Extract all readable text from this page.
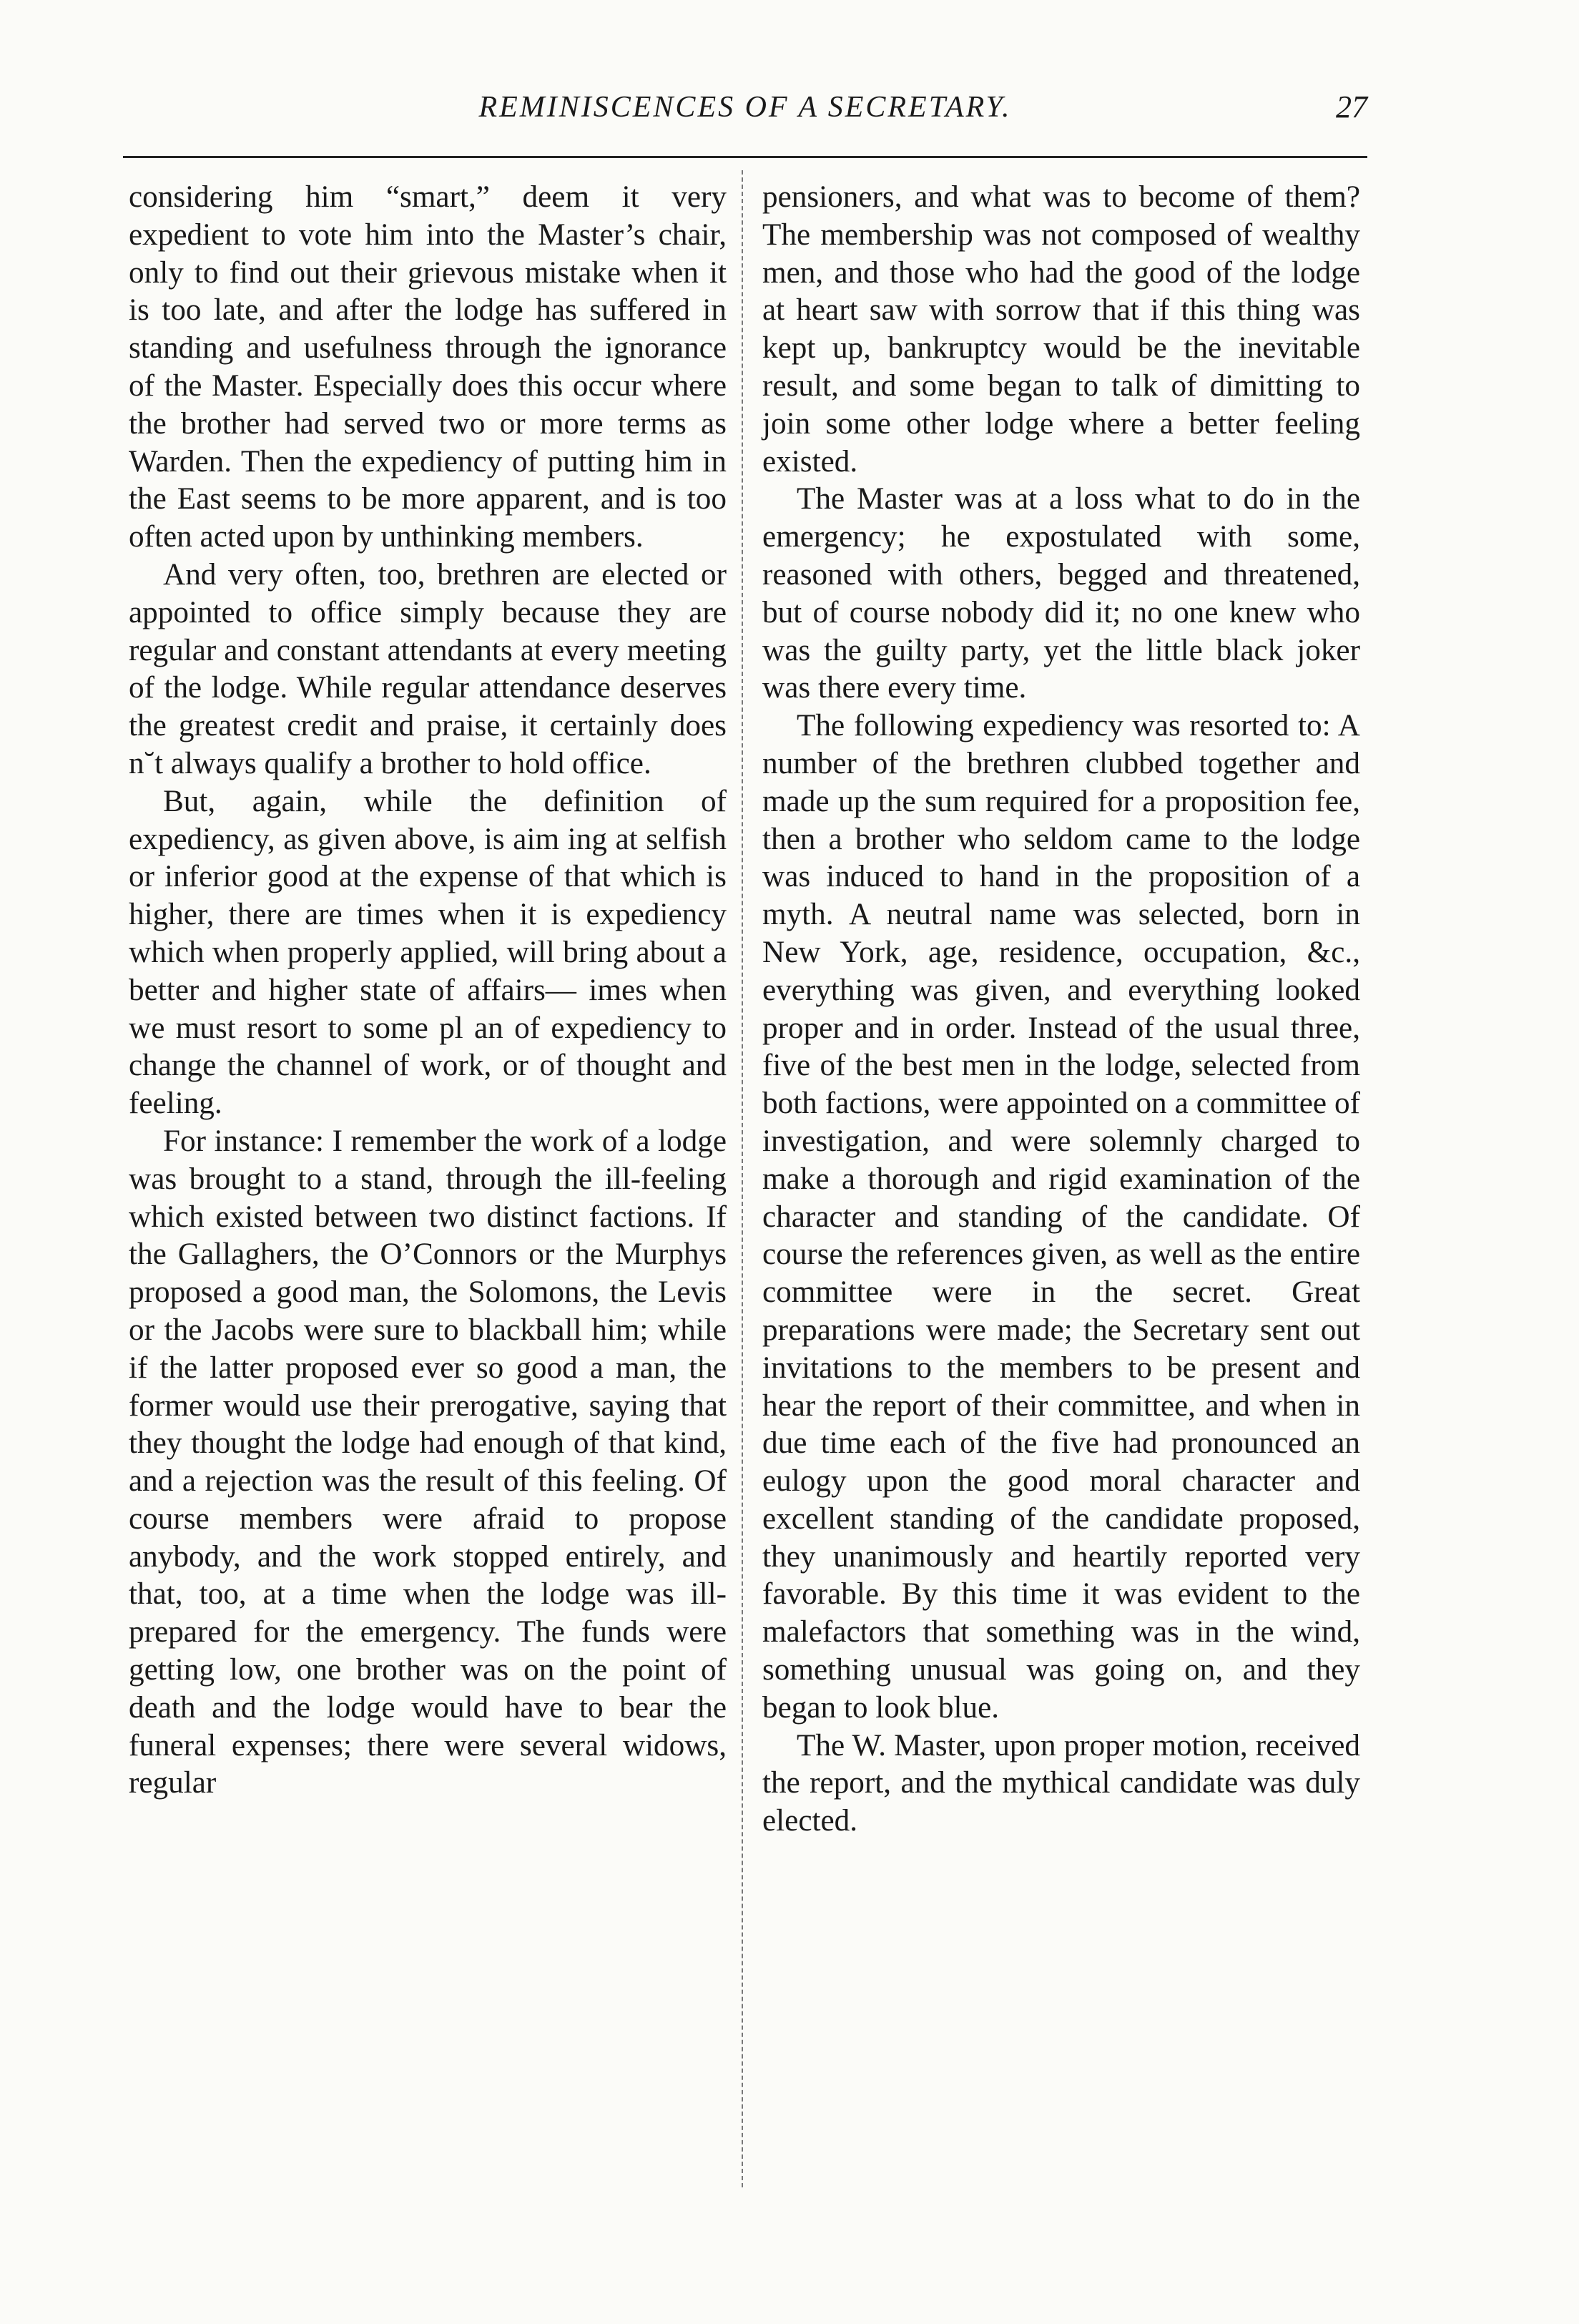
REMINISCENCES OF A SECRETARY.	27

considering him “smart,” deem it very expedient to vote him into the Master’s chair, only to find out their grievous mistake when it is too late, and after the lodge has suffered in standing and usefulness through the ignorance of the Master. Especially does this occur where the brother had served two or more terms as Warden. Then the expediency of putting him in the East seems to be more apparent, and is too often acted upon by unthinking members.

And very often, too, brethren are elected or appointed to office simply because they are regular and constant attendants at every meeting of the lodge. While regular attendance deserves the greatest credit and praise, it certainly does n˘t always qualify a brother to hold office.

But, again, while the definition of expediency, as given above, is aim ing at selfish or inferior good at the expense of that which is higher, there are times when it is expediency which when properly applied, will bring about a better and higher state of affairs— imes when we must resort to some pl an of expediency to change the channel of work, or of thought and feeling.

For instance: I remember the work of a lodge was brought to a stand, through the ill-feeling which existed between two distinct factions. If the Gallaghers, the O’Connors or the Murphys proposed a good man, the Solomons, the Levis or the Jacobs were sure to blackball him; while if the latter proposed ever so good a man, the former would use their prerogative, saying that they thought the lodge had enough of that kind, and a rejection was the result of this feeling. Of course members were afraid to propose anybody, and the work stopped entirely, and that, too, at a time when the lodge was ill-prepared for the emergency. The funds were getting low, one brother was on the point of death and the lodge would have to bear the funeral expenses; there were several widows, regular

pensioners, and what was to become of them? The membership was not composed of wealthy men, and those who had the good of the lodge at heart saw with sorrow that if this thing was kept up, bankruptcy would be the inevitable result, and some began to talk of dimitting to join some other lodge where a better feeling existed.

The Master was at a loss what to do in the emergency; he expostulated with some, reasoned with others, begged and threatened, but of course nobody did it; no one knew who was the guilty party, yet the little black joker was there every time.

The following expediency was resorted to: A number of the brethren clubbed together and made up the sum required for a proposition fee, then a brother who seldom came to the lodge was induced to hand in the proposition of a myth. A neutral name was selected, born in New York, age, residence, occupation, &c., everything was given, and everything looked proper and in order. Instead of the usual three, five of the best men in the lodge, selected from both factions, were appointed on a committee of investigation, and were solemnly charged to make a thorough and rigid examination of the character and standing of the candidate. Of course the references given, as well as the entire committee were in the secret. Great preparations were made; the Secretary sent out invitations to the members to be present and hear the report of their committee, and when in due time each of the five had pronounced an eulogy upon the good moral character and excellent standing of the candidate proposed, they unanimously and heartily reported very favorable. By this time it was evident to the malefactors that something was in the wind, something unusual was going on, and they began to look blue.

The W. Master, upon proper motion, received the report, and the mythical candidate was duly elected.
